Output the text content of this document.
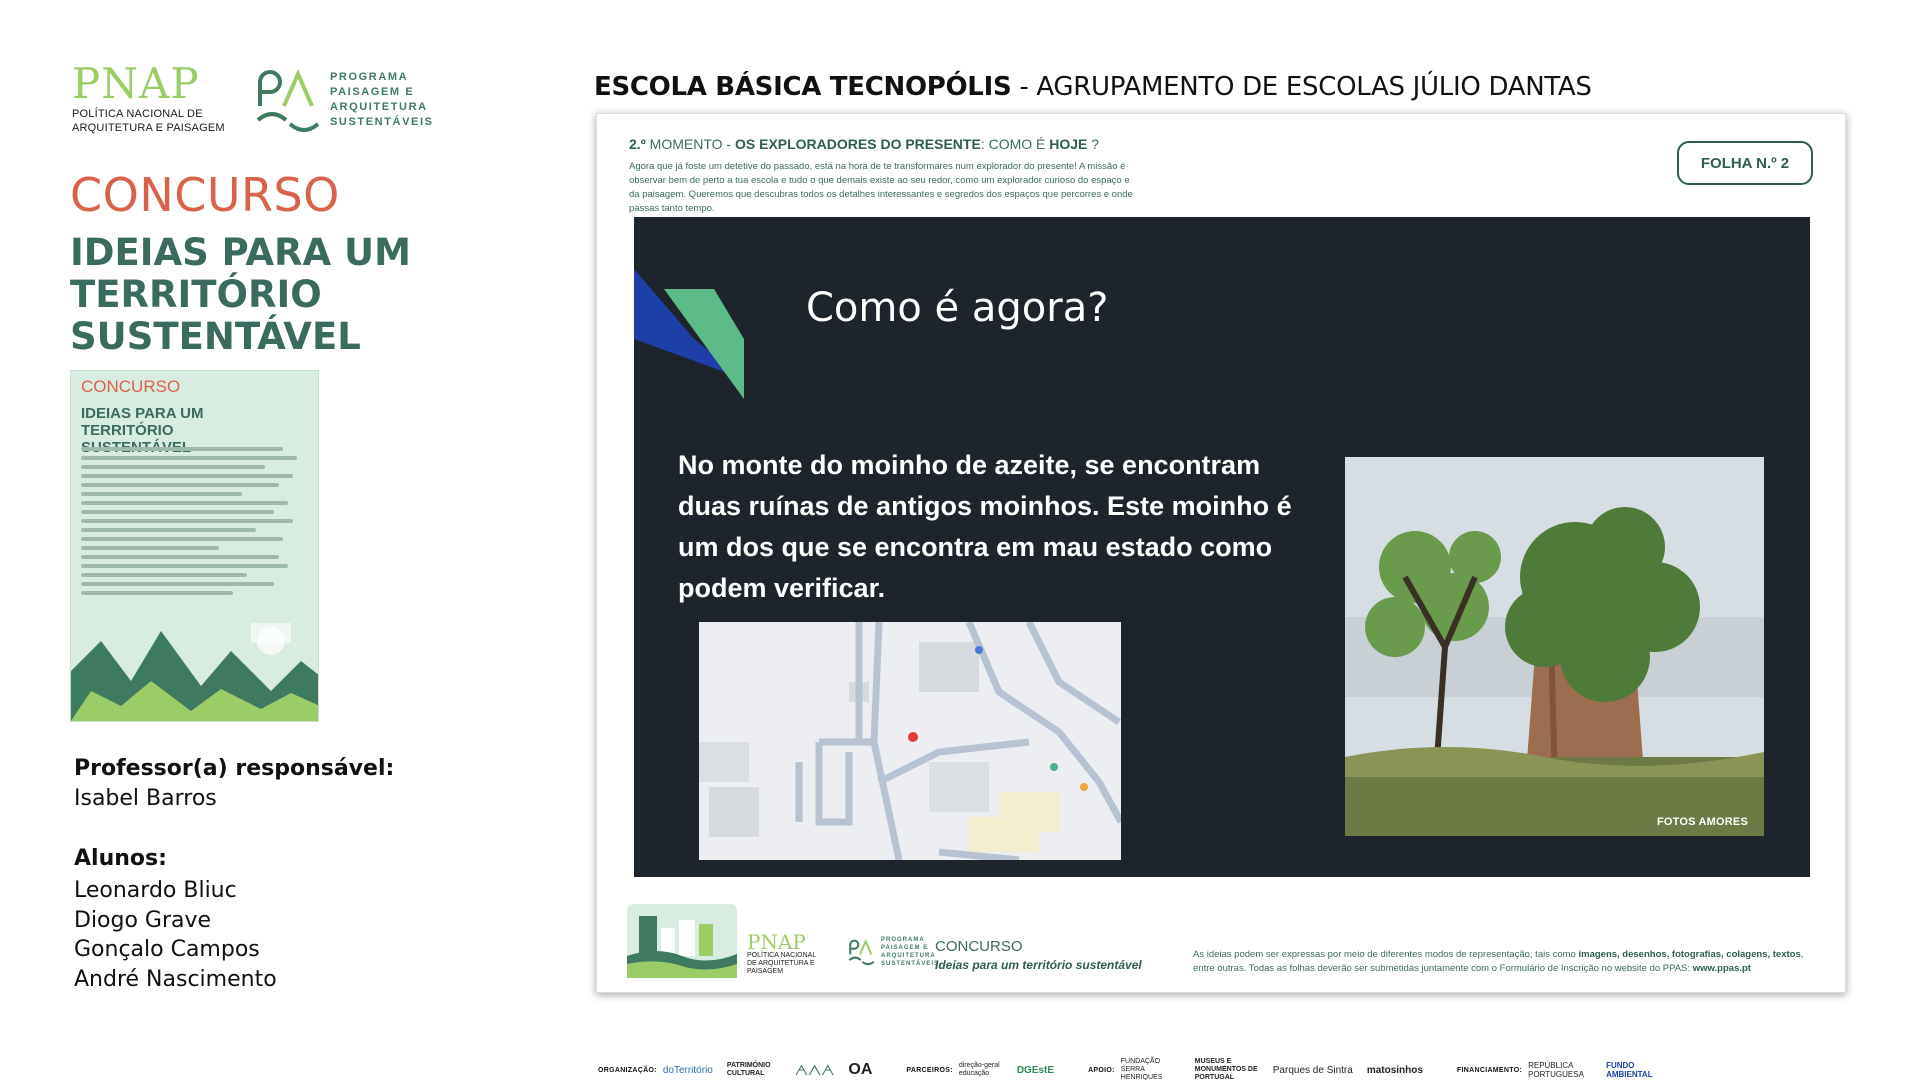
PNAP
POLÍTICA NACIONAL DE
ARQUITETURA E PAISAGEM
PROGRAMA
PAISAGEM E
ARQUITETURA
SUSTENTÁVEIS
CONCURSO
IDEIAS PARA UM TERRITÓRIO SUSTENTÁVEL
CONCURSO
IDEIAS PARA UM TERRITÓRIO
Professor(a) responsável:
Isabel Barros
Alunos:
Leonardo Bliuc
Diogo Grave
Gonçalo Campos
André Nascimento
ESCOLA BÁSICA TECNOPÓLIS - AGRUPAMENTO DE ESCOLAS JÚLIO DANTAS
2.º MOMENTO - OS EXPLORADORES DO PRESENTE: COMO É HOJE ?
Agora que já foste um detetive do passado, está na hora de te transformares num explorador do presente! A missão é observar bem de perto a tua escola e tudo o que demais existe ao seu redor, como um explorador curioso do espaço e da paisagem. Queremos que descubras todos os detalhes interessantes e segredos dos espaços que percorres e onde passas tanto tempo.
FOLHA N.º 2
Como é agora?
No monte do moinho de azeite, se encontram duas ruínas de antigos moinhos. Este moinho é um dos que se encontra em mau estado como podem verificar.
FOTOS AMORES
PNAP
POLÍTICA NACIONAL DE ARQUITETURA E PAISAGEM
PROGRAMA
PAISAGEM E
ARQUITETURA
SUSTENTÁVEIS
CONCURSO
Ideias para um território sustentável
As ideias podem ser expressas por meio de diferentes modos de representação, tais como imagens, desenhos, fotografias, colagens, textos, entre outras. Todas as folhas deverão ser submetidas juntamente com o Formulário de Inscrição no website do PPAS: www.ppas.pt
ORGANIZAÇÃO: doTerritório PATRIMÓNIO CULTURAL	ᗅᐱᗅ OA	PARCEIROS:
direção-geral educação	DGEstE	APOIO:
FUNDAÇÃO SERRA HENRIQUES
MUSEUS E MONUMENTOS DE PORTUGAL
Parques de Sintra matosinhos	FINANCIAMENTO: REPÚBLICA PORTUGUESA
FUNDO AMBIENTAL
